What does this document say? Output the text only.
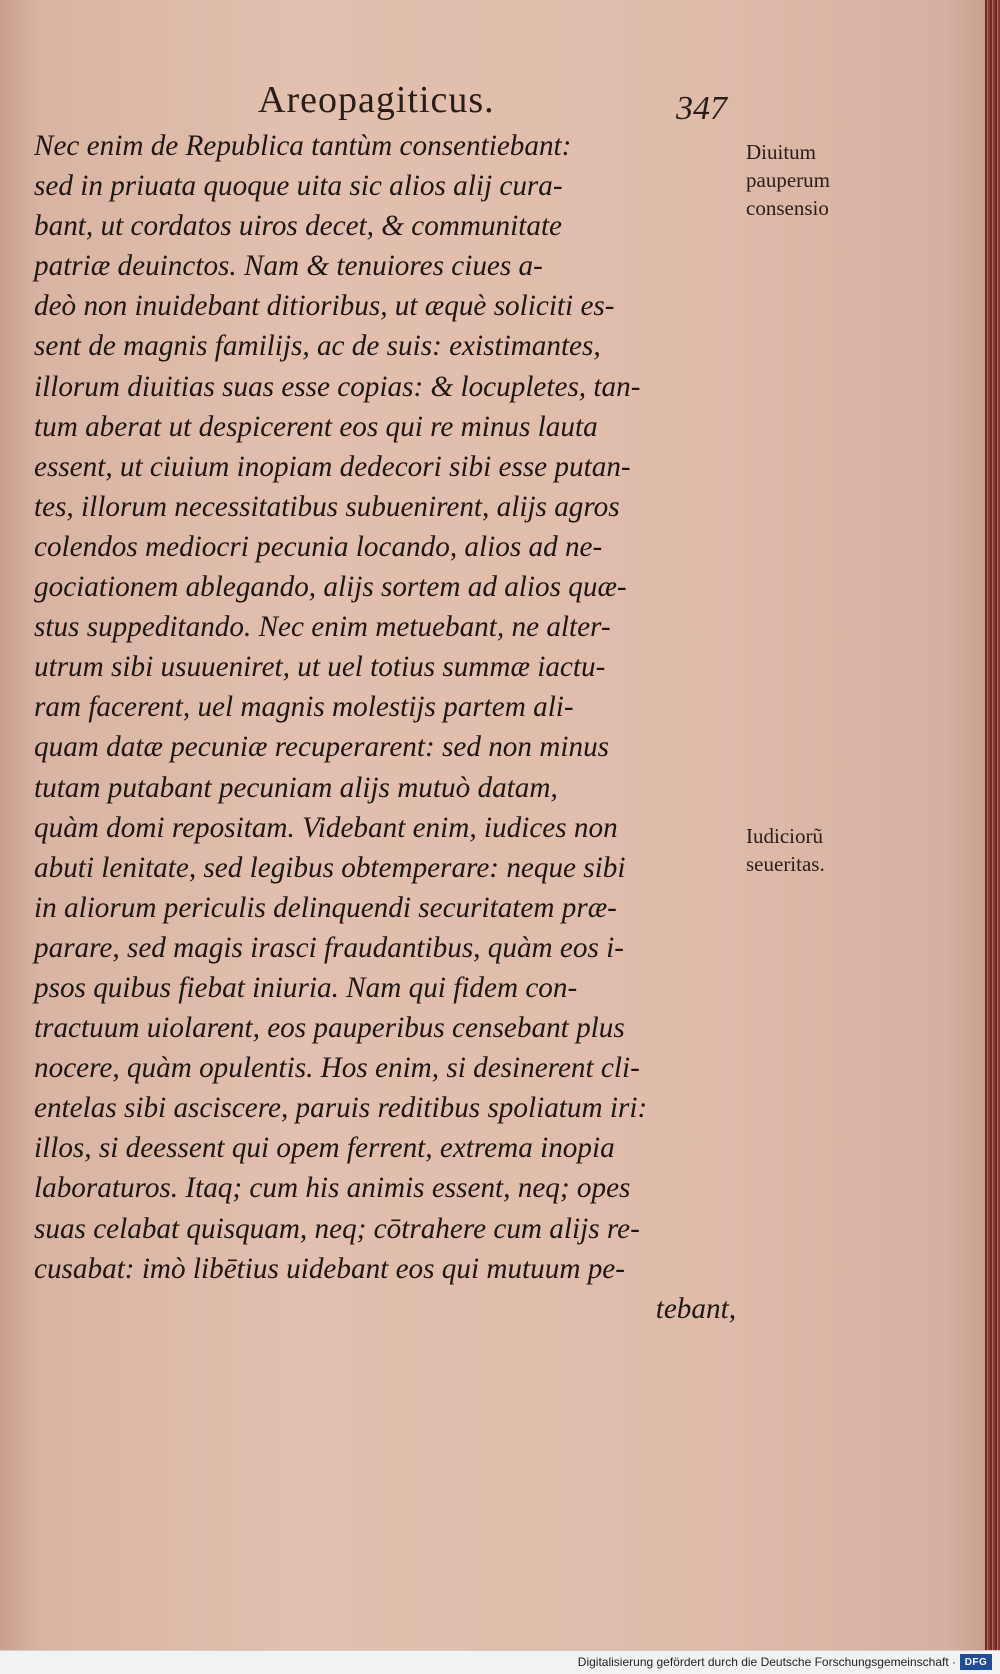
Areopagiticus.	347
Nec enim de Republica tantùm consentiebant:
sed in priuata quoque uita sic alios alij cura-
bant, ut cordatos uiros decet, & communitate
patriæ deuinctos. Nam & tenuiores ciues a-
deò non inuidebant ditioribus, ut æquè soliciti es-
sent de magnis familijs, ac de suis: existimantes,
illorum diuitias suas esse copias: & locupletes, tan-
tum aberat ut despicerent eos qui re minus lauta
essent, ut ciuium inopiam dedecori sibi esse putan-
tes, illorum necessitatibus subuenirent, alijs agros
colendos mediocri pecunia locando, alios ad ne-
gociationem ablegando, alijs sortem ad alios quæ-
stus suppeditando. Nec enim metuebant, ne alter-
utrum sibi usuueniret, ut uel totius summæ iactu-
ram facerent, uel magnis molestijs partem ali-
quam datæ pecuniæ recuperarent: sed non minus
tutam putabant pecuniam alijs mutuò datam,
quàm domi repositam. Videbant enim, iudices non
abuti lenitate, sed legibus obtemperare: neque sibi
in aliorum periculis delinquendi securitatem præ-
parare, sed magis irasci fraudantibus, quàm eos i-
psos quibus fiebat iniuria. Nam qui fidem con-
tractuum uiolarent, eos pauperibus censebant plus
nocere, quàm opulentis. Hos enim, si desinerent cli-
entelas sibi asciscere, paruis reditibus spoliatum iri:
illos, si deessent qui opem ferrent, extrema inopia
laboraturos. Itaq; cum his animis essent, neq; opes
suas celabat quisquam, neq; cōtrahere cum alijs re-
cusabat: imò libētius uidebant eos qui mutuum pe-
tebant,
Diuitum
pauperum
consensio
Iudiciorũ
seueritas.
Digitalisierung gefördert durch die Deutsche Forschungsgemeinschaft · DFG
